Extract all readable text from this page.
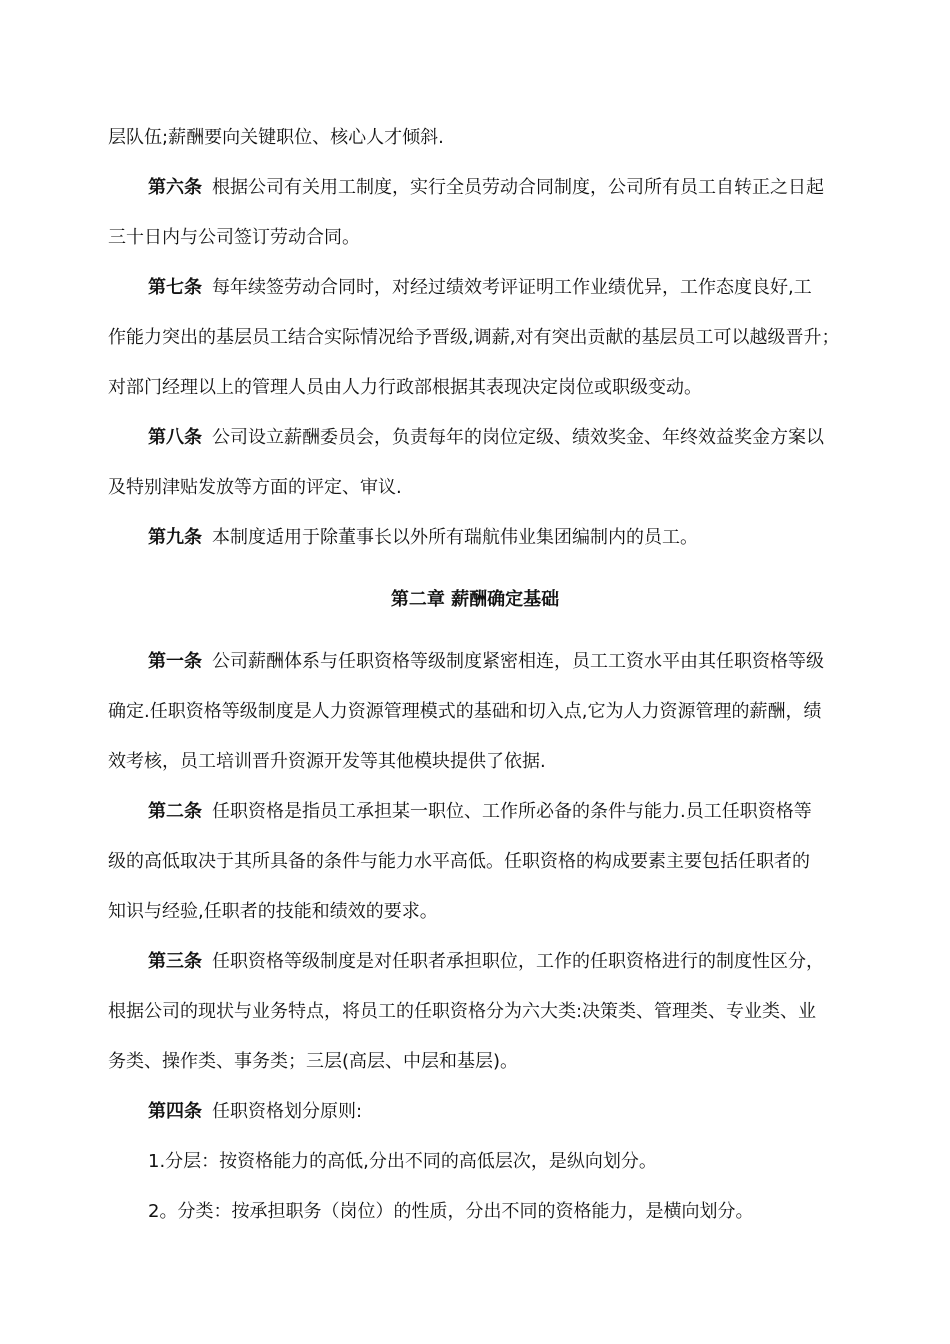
层队伍;薪酬要向关键职位、核心人才倾斜.
第六条 根据公司有关用工制度，实行全员劳动合同制度，公司所有员工自转正之日起
三十日内与公司签订劳动合同。
第七条 每年续签劳动合同时，对经过绩效考评证明工作业绩优异，工作态度良好,工
作能力突出的基层员工结合实际情况给予晋级,调薪,对有突出贡献的基层员工可以越级晋升；
对部门经理以上的管理人员由人力行政部根据其表现决定岗位或职级变动。
第八条 公司设立薪酬委员会，负责每年的岗位定级、绩效奖金、年终效益奖金方案以
及特别津贴发放等方面的评定、审议.
第九条 本制度适用于除董事长以外所有瑞航伟业集团编制内的员工。
第二章 薪酬确定基础
第一条 公司薪酬体系与任职资格等级制度紧密相连，员工工资水平由其任职资格等级
确定.任职资格等级制度是人力资源管理模式的基础和切入点,它为人力资源管理的薪酬，绩
效考核，员工培训晋升资源开发等其他模块提供了依据.
第二条 任职资格是指员工承担某一职位、工作所必备的条件与能力.员工任职资格等
级的高低取决于其所具备的条件与能力水平高低。任职资格的构成要素主要包括任职者的
知识与经验,任职者的技能和绩效的要求。
第三条 任职资格等级制度是对任职者承担职位，工作的任职资格进行的制度性区分，
根据公司的现状与业务特点，将员工的任职资格分为六大类:决策类、管理类、专业类、业
务类、操作类、事务类；三层(高层、中层和基层)。
第四条 任职资格划分原则:
1.分层：按资格能力的高低,分出不同的高低层次，是纵向划分。
2。分类：按承担职务（岗位）的性质，分出不同的资格能力，是横向划分。
